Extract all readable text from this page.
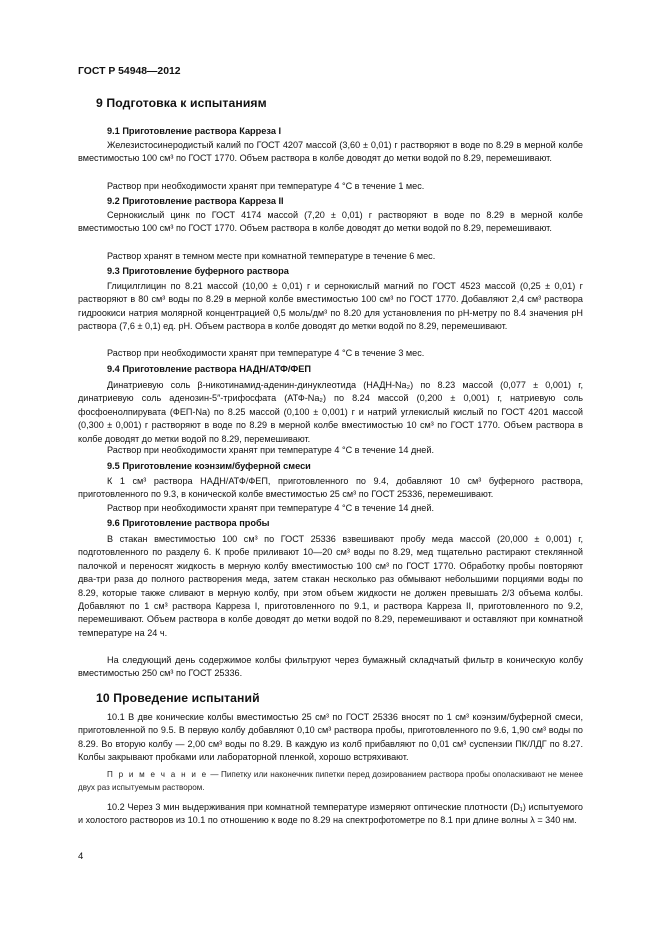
ГОСТ Р 54948—2012
9 Подготовка к испытаниям
9.1 Приготовление раствора Карреза I
Железистосинеродистый калий по ГОСТ 4207 массой (3,60 ± 0,01) г растворяют в воде по 8.29 в мерной колбе вместимостью 100 см³ по ГОСТ 1770. Объем раствора в колбе доводят до метки водой по 8.29, перемешивают.
Раствор при необходимости хранят при температуре 4 °С в течение 1 мес.
9.2 Приготовление раствора Карреза II
Сернокислый цинк по ГОСТ 4174 массой (7,20 ± 0,01) г растворяют в воде по 8.29 в мерной колбе вместимостью 100 см³ по ГОСТ 1770. Объем раствора в колбе доводят до метки водой по 8.29, перемешивают.
Раствор хранят в темном месте при комнатной температуре в течение 6 мес.
9.3 Приготовление буферного раствора
Глицилглицин по 8.21 массой (10,00 ± 0,01) г и сернокислый магний по ГОСТ 4523 массой (0,25 ± 0,01) г растворяют в 80 см³ воды по 8.29 в мерной колбе вместимостью 100 см³ по ГОСТ 1770. Добавляют 2,4 см³ раствора гидроокиси натрия молярной концентрацией 0,5 моль/дм³ по 8.20 для установления по pH-метру по 8.4 значения pH раствора (7,6 ± 0,1) ед. pH. Объем раствора в колбе доводят до метки водой по 8.29, перемешивают.
Раствор при необходимости хранят при температуре 4 °С в течение 3 мес.
9.4 Приготовление раствора НАДН/АТФ/ФЕП
Динатриевую соль β-никотинамид-аденин-динуклеотида (НАДН-Na₂) по 8.23 массой (0,077 ± 0,001) г, динатриевую соль аденозин-5″-трифосфата (АТФ-Na₂) по 8.24 массой (0,200 ± 0,001) г, натриевую соль фосфоенолпирувата (ФЕП-Na) по 8.25 массой (0,100 ± 0,001) г и натрий углекислый кислый по ГОСТ 4201 массой (0,300 ± 0,001) г растворяют в воде по 8.29 в мерной колбе вместимостью 10 см³ по ГОСТ 1770. Объем раствора в колбе доводят до метки водой по 8.29, перемешивают.
Раствор при необходимости хранят при температуре 4 °С в течение 14 дней.
9.5 Приготовление коэнзим/буферной смеси
К 1 см³ раствора НАДН/АТФ/ФЕП, приготовленного по 9.4, добавляют 10 см³ буферного раствора, приготовленного по 9.3, в конической колбе вместимостью 25 см³ по ГОСТ 25336, перемешивают.
Раствор при необходимости хранят при температуре 4 °С в течение 14 дней.
9.6 Приготовление раствора пробы
В стакан вместимостью 100 см³ по ГОСТ 25336 взвешивают пробу меда массой (20,000 ± 0,001) г, подготовленного по разделу 6. К пробе приливают 10—20 см³ воды по 8.29, мед тщательно растирают стеклянной палочкой и переносят жидкость в мерную колбу вместимостью 100 см³ по ГОСТ 1770. Обработку пробы повторяют два-три раза до полного растворения меда, затем стакан несколько раз обмывают небольшими порциями воды по 8.29, которые также сливают в мерную колбу, при этом объем жидкости не должен превышать 2/3 объема колбы. Добавляют по 1 см³ раствора Карреза I, приготовленного по 9.1, и раствора Карреза II, приготовленного по 9.2, перемешивают. Объем раствора в колбе доводят до метки водой по 8.29, перемешивают и оставляют при комнатной температуре на 24 ч.
На следующий день содержимое колбы фильтруют через бумажный складчатый фильтр в коническую колбу вместимостью 250 см³ по ГОСТ 25336.
10 Проведение испытаний
10.1 В две конические колбы вместимостью 25 см³ по ГОСТ 25336 вносят по 1 см³ коэнзим/буферной смеси, приготовленной по 9.5. В первую колбу добавляют 0,10 см³ раствора пробы, приготовленного по 9.6, 1,90 см³ воды по 8.29. Во вторую колбу — 2,00 см³ воды по 8.29. В каждую из колб прибавляют по 0,01 см³ суспензии ПК/ЛДГ по 8.27. Колбы закрывают пробками или лабораторной пленкой, хорошо встряхивают.
П р и м е ч а н и е — Пипетку или наконечник пипетки перед дозированием раствора пробы ополаскивают не менее двух раз испытуемым раствором.
10.2 Через 3 мин выдерживания при комнатной температуре измеряют оптические плотности (D₁) испытуемого и холостого растворов из 10.1 по отношению к воде по 8.29 на спектрофотометре по 8.1 при длине волны λ = 340 нм.
4
